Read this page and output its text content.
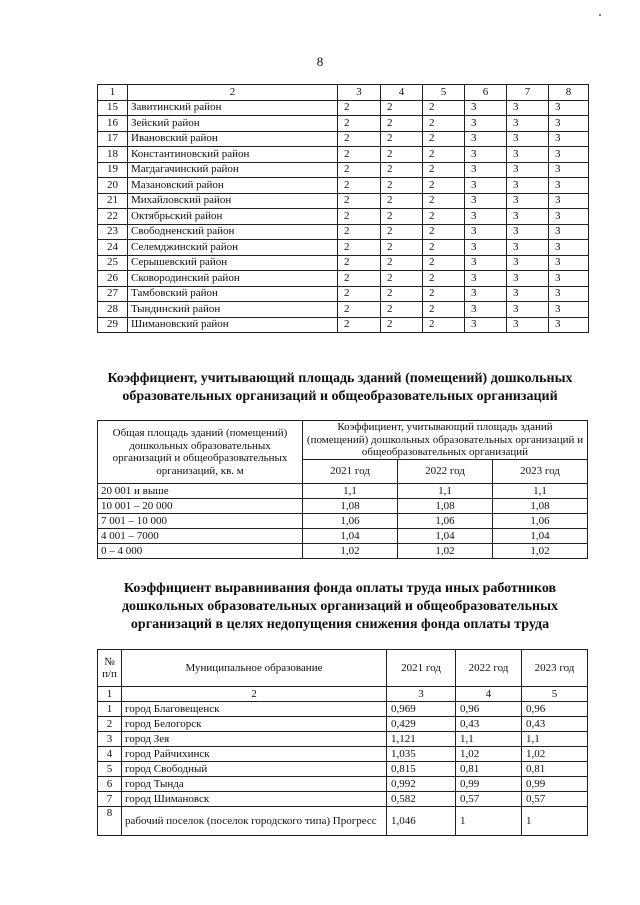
8
1	2	3	4	5	6	7	8
15	Завитинский район	2	2	2	3	3	3
16	Зейский район	2	2	2	3	3	3
17	Ивановский район	2	2	2	3	3	3
18	Константиновский район	2	2	2	3	3	3
19	Магдагачинский район	2	2	2	3	3	3
20	Мазановский район	2	2	2	3	3	3
21	Михайловский район	2	2	2	3	3	3
22	Октябрьский район	2	2	2	3	3	3
23	Свободненский район	2	2	2	3	3	3
24	Селемджинский район	2	2	2	3	3	3
25	Серышевский район	2	2	2	3	3	3
26	Сковородинский район	2	2	2	3	3	3
27	Тамбовский район	2	2	2	3	3	3
28	Тындинский район	2	2	2	3	3	3
29	Шимановский район	2	2	2	3	3	3
Коэффициент, учитывающий площадь зданий (помещений) дошкольных
образовательных организаций и общеобразовательных организаций
Общая площадь зданий (помещений) дошкольных образовательных организаций и общеобразовательных организаций, кв. м	Коэффициент, учитывающий площадь зданий (помещений) дошкольных образовательных организаций и общеобразовательных организаций		
	2021 год	2022 год	2023 год
20 001 и выше	1,1	1,1	1,1
10 001 – 20 000	1,08	1,08	1,08
7 001 – 10 000	1,06	1,06	1,06
4 001 – 7000	1,04	1,04	1,04
0 – 4 000	1,02	1,02	1,02
Коэффициент выравнивания фонда оплаты труда иных работников
дошкольных образовательных организаций и общеобразовательных
организаций в целях недопущения снижения фонда оплаты труда
№ п/п	Муниципальное образование	2021 год	2022 год	2023 год
1	2	3	4	5
1	город Благовещенск	0,969	0,96	0,96
2	город Белогорск	0,429	0,43	0,43
3	город Зея	1,121	1,1	1,1
4	город Райчихинск	1,035	1,02	1,02
5	город Свободный	0,815	0,81	0,81
6	город Тында	0,992	0,99	0,99
7	город Шимановск	0,582	0,57	0,57
8	рабочий поселок (поселок городского типа) Прогресс	1,046	1	1
